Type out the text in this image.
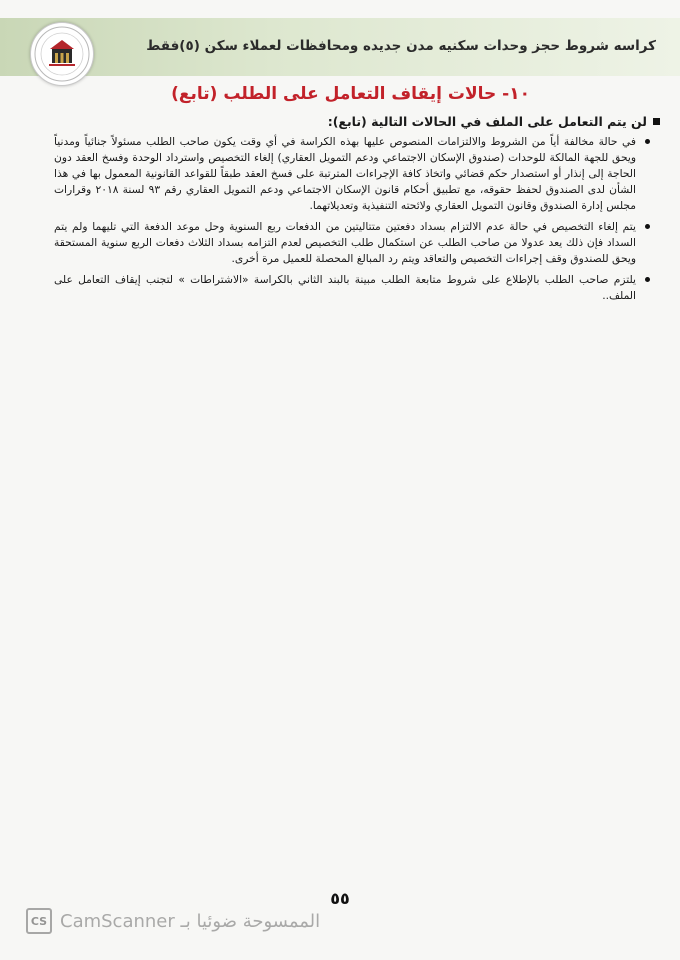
كراسه شروط حجز وحدات سكنيه مدن جديده ومحافظات لعملاء سكن (٥)فقط
١٠- حالات إيقاف التعامل على الطلب (تابع)
لن يتم التعامل على الملف في الحالات التالية (تابع):
في حالة مخالفة أياً من الشروط والالتزامات المنصوص عليها بهذه الكراسة في أي وقت يكون صاحب الطلب مسئولاً جنائياً ومدنياً ويحق للجهة المالكة للوحدات (صندوق الإسكان الاجتماعي ودعم التمويل العقاري) إلغاء التخصيص واسترداد الوحدة وفسخ العقد دون الحاجة إلى إنذار أو استصدار حكم قضائي واتخاذ كافة الإجراءات المترتبة على فسخ العقد طبقاً للقواعد القانونية المعمول بها في هذا الشأن لدى الصندوق لحفظ حقوقه، مع تطبيق أحكام قانون الإسكان الاجتماعي ودعم التمويل العقاري رقم ٩٣ لسنة ٢٠١٨ وقرارات مجلس إدارة الصندوق وقانون التمويل العقاري ولائحته التنفيذية وتعديلاتهما.
يتم إلغاء التخصيص في حالة عدم الالتزام بسداد دفعتين متتاليتين من الدفعات ربع السنوية وحل موعد الدفعة التي تليهما ولم يتم السداد فإن ذلك يعد عدولا من صاحب الطلب عن استكمال طلب التخصيص لعدم التزامه بسداد الثلاث دفعات الربع سنوية المستحقة ويحق للصندوق وقف إجراءات التخصيص والتعاقد ويتم رد المبالغ المحصلة للعميل مرة أخرى.
يلتزم صاحب الطلب بالإطلاع على شروط متابعة الطلب مبينة بالبند الثاني بالكراسة «الاشتراطات » لتجنب إيقاف التعامل على الملف..
٥٥
CS CamScanner الممسوحة ضوئيا بـ
